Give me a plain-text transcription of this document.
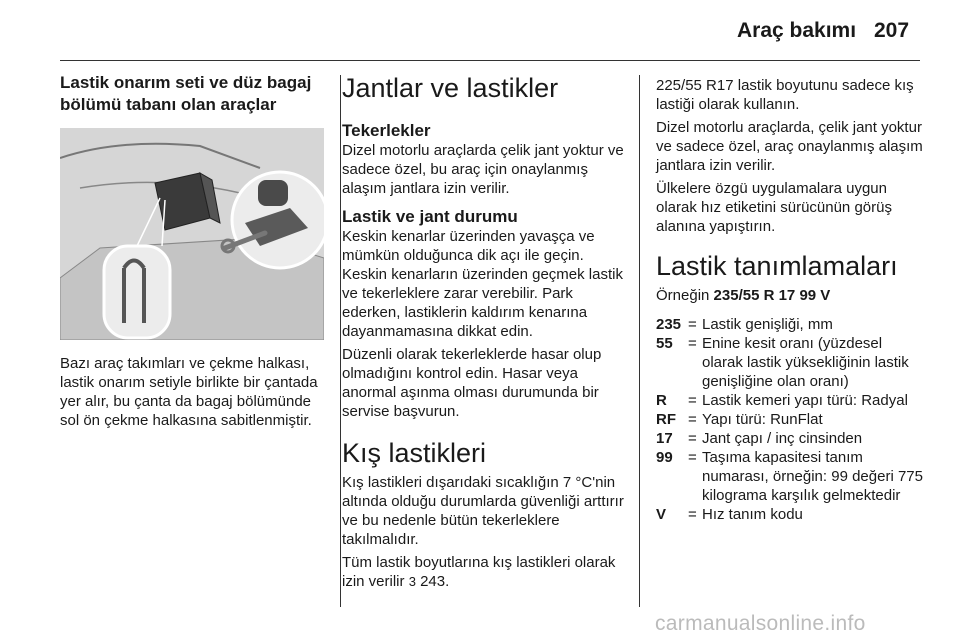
Araç bakımı 207

Lastik onarım seti ve düz bagaj bölümü tabanı olan araçlar

Bazı araç takımları ve çekme halkası, lastik onarım setiyle birlikte bir çantada yer alır, bu çanta da bagaj bölümünde sol ön çekme halkasına sabitlenmiştir.

Jantlar ve lastikler

Tekerlekler

Dizel motorlu araçlarda çelik jant yoktur ve sadece özel, bu araç için onaylanmış alaşım jantlara izin verilir.

Lastik ve jant durumu

Keskin kenarlar üzerinden yavaşça ve mümkün olduğunca dik açı ile geçin. Keskin kenarların üzerinden geçmek lastik ve tekerleklere zarar verebilir. Park ederken, lastiklerin kaldırım kenarına dayanmamasına dikkat edin.

Düzenli olarak tekerleklerde hasar olup olmadığını kontrol edin. Hasar veya anormal aşınma olması durumunda bir servise başvurun.

Kış lastikleri

Kış lastikleri dışarıdaki sıcaklığın 7 °C'nin altında olduğu durumlarda güvenliği arttırır ve bu nedenle bütün tekerleklere takılmalıdır.

Tüm lastik boyutlarına kış lastikleri olarak izin verilir 3 243.

225/55 R17 lastik boyutunu sadece kış lastiği olarak kullanın.

Dizel motorlu araçlarda, çelik jant yoktur ve sadece özel, araç onaylanmış alaşım jantlara izin verilir.

Ülkelere özgü uygulamalara uygun olarak hız etiketini sürücünün görüş alanına yapıştırın.

Lastik tanımlamaları

Örneğin 235/55 R 17 99 V

235 = Lastik genişliği, mm
55	= Enine kesit oranı (yüzdesel olarak lastik yüksekliğinin lastik genişliğine olan oranı)
R	= Lastik kemeri yapı türü: Radyal
RF = Yapı türü: RunFlat
17	= Jant çapı / inç cinsinden
99	= Taşıma kapasitesi tanım numarası, örneğin: 99 değeri 775 kilograma karşılık gelmektedir
V	= Hız tanım kodu
carmanualsonline.info
